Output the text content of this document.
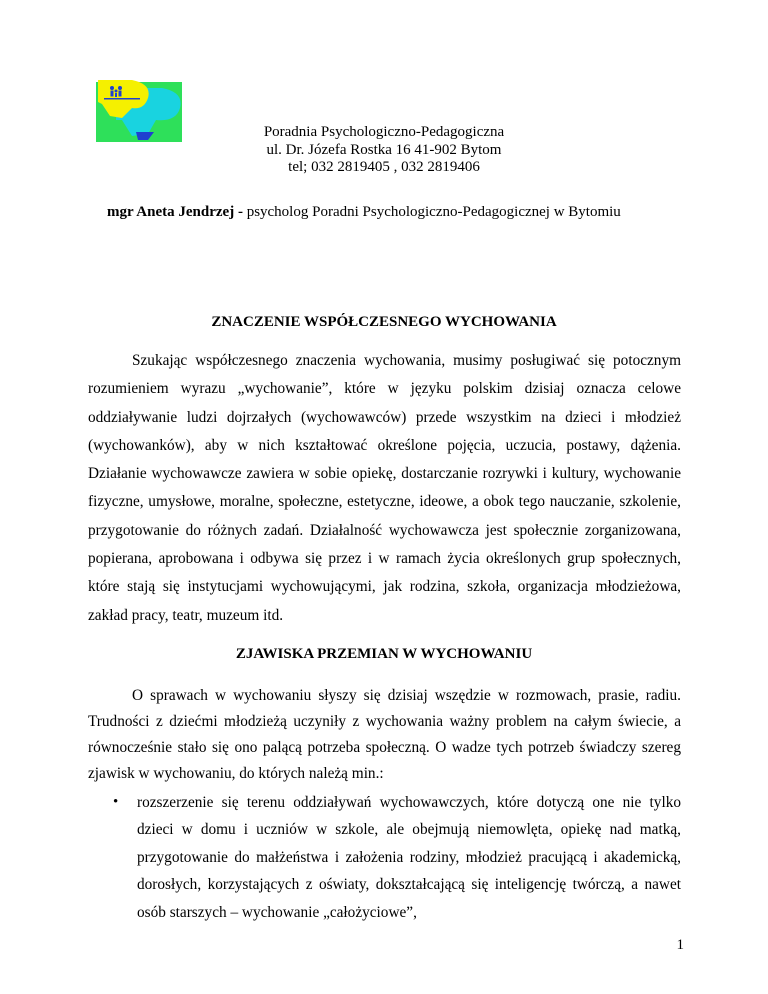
Poradnia Psychologiczno-Pedagogiczna
ul. Dr. Józefa Rostka 16 41-902 Bytom
tel; 032 2819405 , 032 2819406
mgr Aneta Jendrzej - psycholog Poradni Psychologiczno-Pedagogicznej w Bytomiu
ZNACZENIE WSPÓŁCZESNEGO WYCHOWANIA

Szukając współczesnego znaczenia wychowania, musimy posługiwać się potocznym rozumieniem wyrazu „wychowanie”, które w języku polskim dzisiaj oznacza celowe oddziaływanie ludzi dojrzałych (wychowawców) przede wszystkim na dzieci i młodzież (wychowanków), aby w nich kształtować określone pojęcia, uczucia, postawy, dążenia. Działanie wychowawcze zawiera w sobie opiekę, dostarczanie rozrywki i kultury, wychowanie fizyczne, umysłowe, moralne, społeczne, estetyczne, ideowe, a obok tego nauczanie, szkolenie, przygotowanie do różnych zadań. Działalność wychowawcza jest społecznie zorganizowana, popierana, aprobowana i odbywa się przez i w ramach życia określonych grup społecznych, które stają się instytucjami wychowującymi, jak rodzina, szkoła, organizacja młodzieżowa, zakład pracy, teatr, muzeum itd.

ZJAWISKA PRZEMIAN W WYCHOWANIU

O sprawach w wychowaniu słyszy się dzisiaj wszędzie w rozmowach, prasie, radiu. Trudności z dziećmi młodzieżą uczyniły z wychowania ważny problem na całym świecie, a równocześnie stało się ono palącą potrzeba społeczną. O wadze tych potrzeb świadczy szereg zjawisk w wychowaniu, do których należą min.:

• rozszerzenie się terenu oddziaływań wychowawczych, które dotyczą one nie tylko dzieci w domu i uczniów w szkole, ale obejmują niemowlęta, opiekę nad matką, przygotowanie do małżeństwa i założenia rodziny, młodzież pracującą i akademicką, dorosłych, korzystających z oświaty, dokształcającą się inteligencję twórczą, a nawet osób starszych – wychowanie „całożyciowe”,
1
